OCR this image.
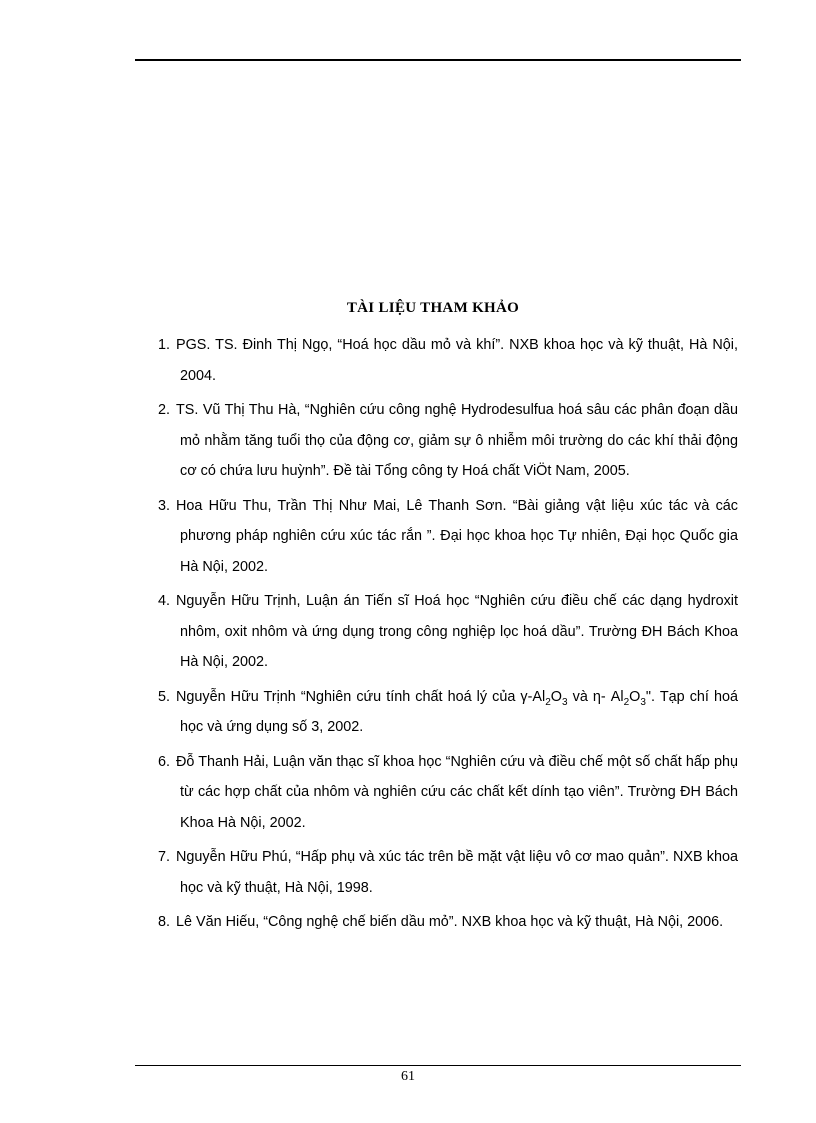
TÀI LIỆU THAM KHẢO
1. PGS. TS. Đinh Thị Ngọ, “Hoá học dầu mỏ và khí”. NXB khoa học và kỹ thuật, Hà Nội, 2004.
2. TS. Vũ Thị Thu Hà, “Nghiên cứu công nghệ Hydrodesulfua hoá sâu các phân đoạn dầu mỏ nhằm tăng tuổi thọ của động cơ, giảm sự ô nhiễm môi trường do các khí thải động cơ có chứa lưu huỳnh”. Đề tài Tổng công ty Hoá chất ViÖt Nam, 2005.
3. Hoa Hữu Thu, Trần Thị Như Mai, Lê Thanh Sơn. “Bài giảng vật liệu xúc tác và các phương pháp nghiên cứu xúc tác rắn ”. Đại học khoa học Tự nhiên, Đại học Quốc gia Hà Nội, 2002.
4. Nguyễn Hữu Trịnh, Luận án Tiến sĩ Hoá học “Nghiên cứu điều chế các dạng hydroxit nhôm, oxit nhôm và ứng dụng trong công nghiệp lọc hoá dầu”. Trường ĐH Bách Khoa Hà Nội, 2002.
5. Nguyễn Hữu Trịnh “Nghiên cứu tính chất hoá lý của $\gamma-Al_2O_3$ và η- $Al_2O_3$". Tạp chí hoá học và ứng dụng số 3, 2002.
6. Đỗ Thanh Hải, Luận văn thạc sĩ khoa học “Nghiên cứu và điều chế một số chất hấp phụ từ các hợp chất của nhôm và nghiên cứu các chất kết dính tạo viên”. Trường ĐH Bách Khoa Hà Nội, 2002.
7. Nguyễn Hữu Phú, “Hấp phụ và xúc tác trên bề mặt vật liệu vô cơ mao quản”. NXB khoa học và kỹ thuật, Hà Nội, 1998.
8. Lê Văn Hiếu, “Công nghệ chế biến dầu mỏ”. NXB khoa học và kỹ thuật, Hà Nội, 2006.
61
